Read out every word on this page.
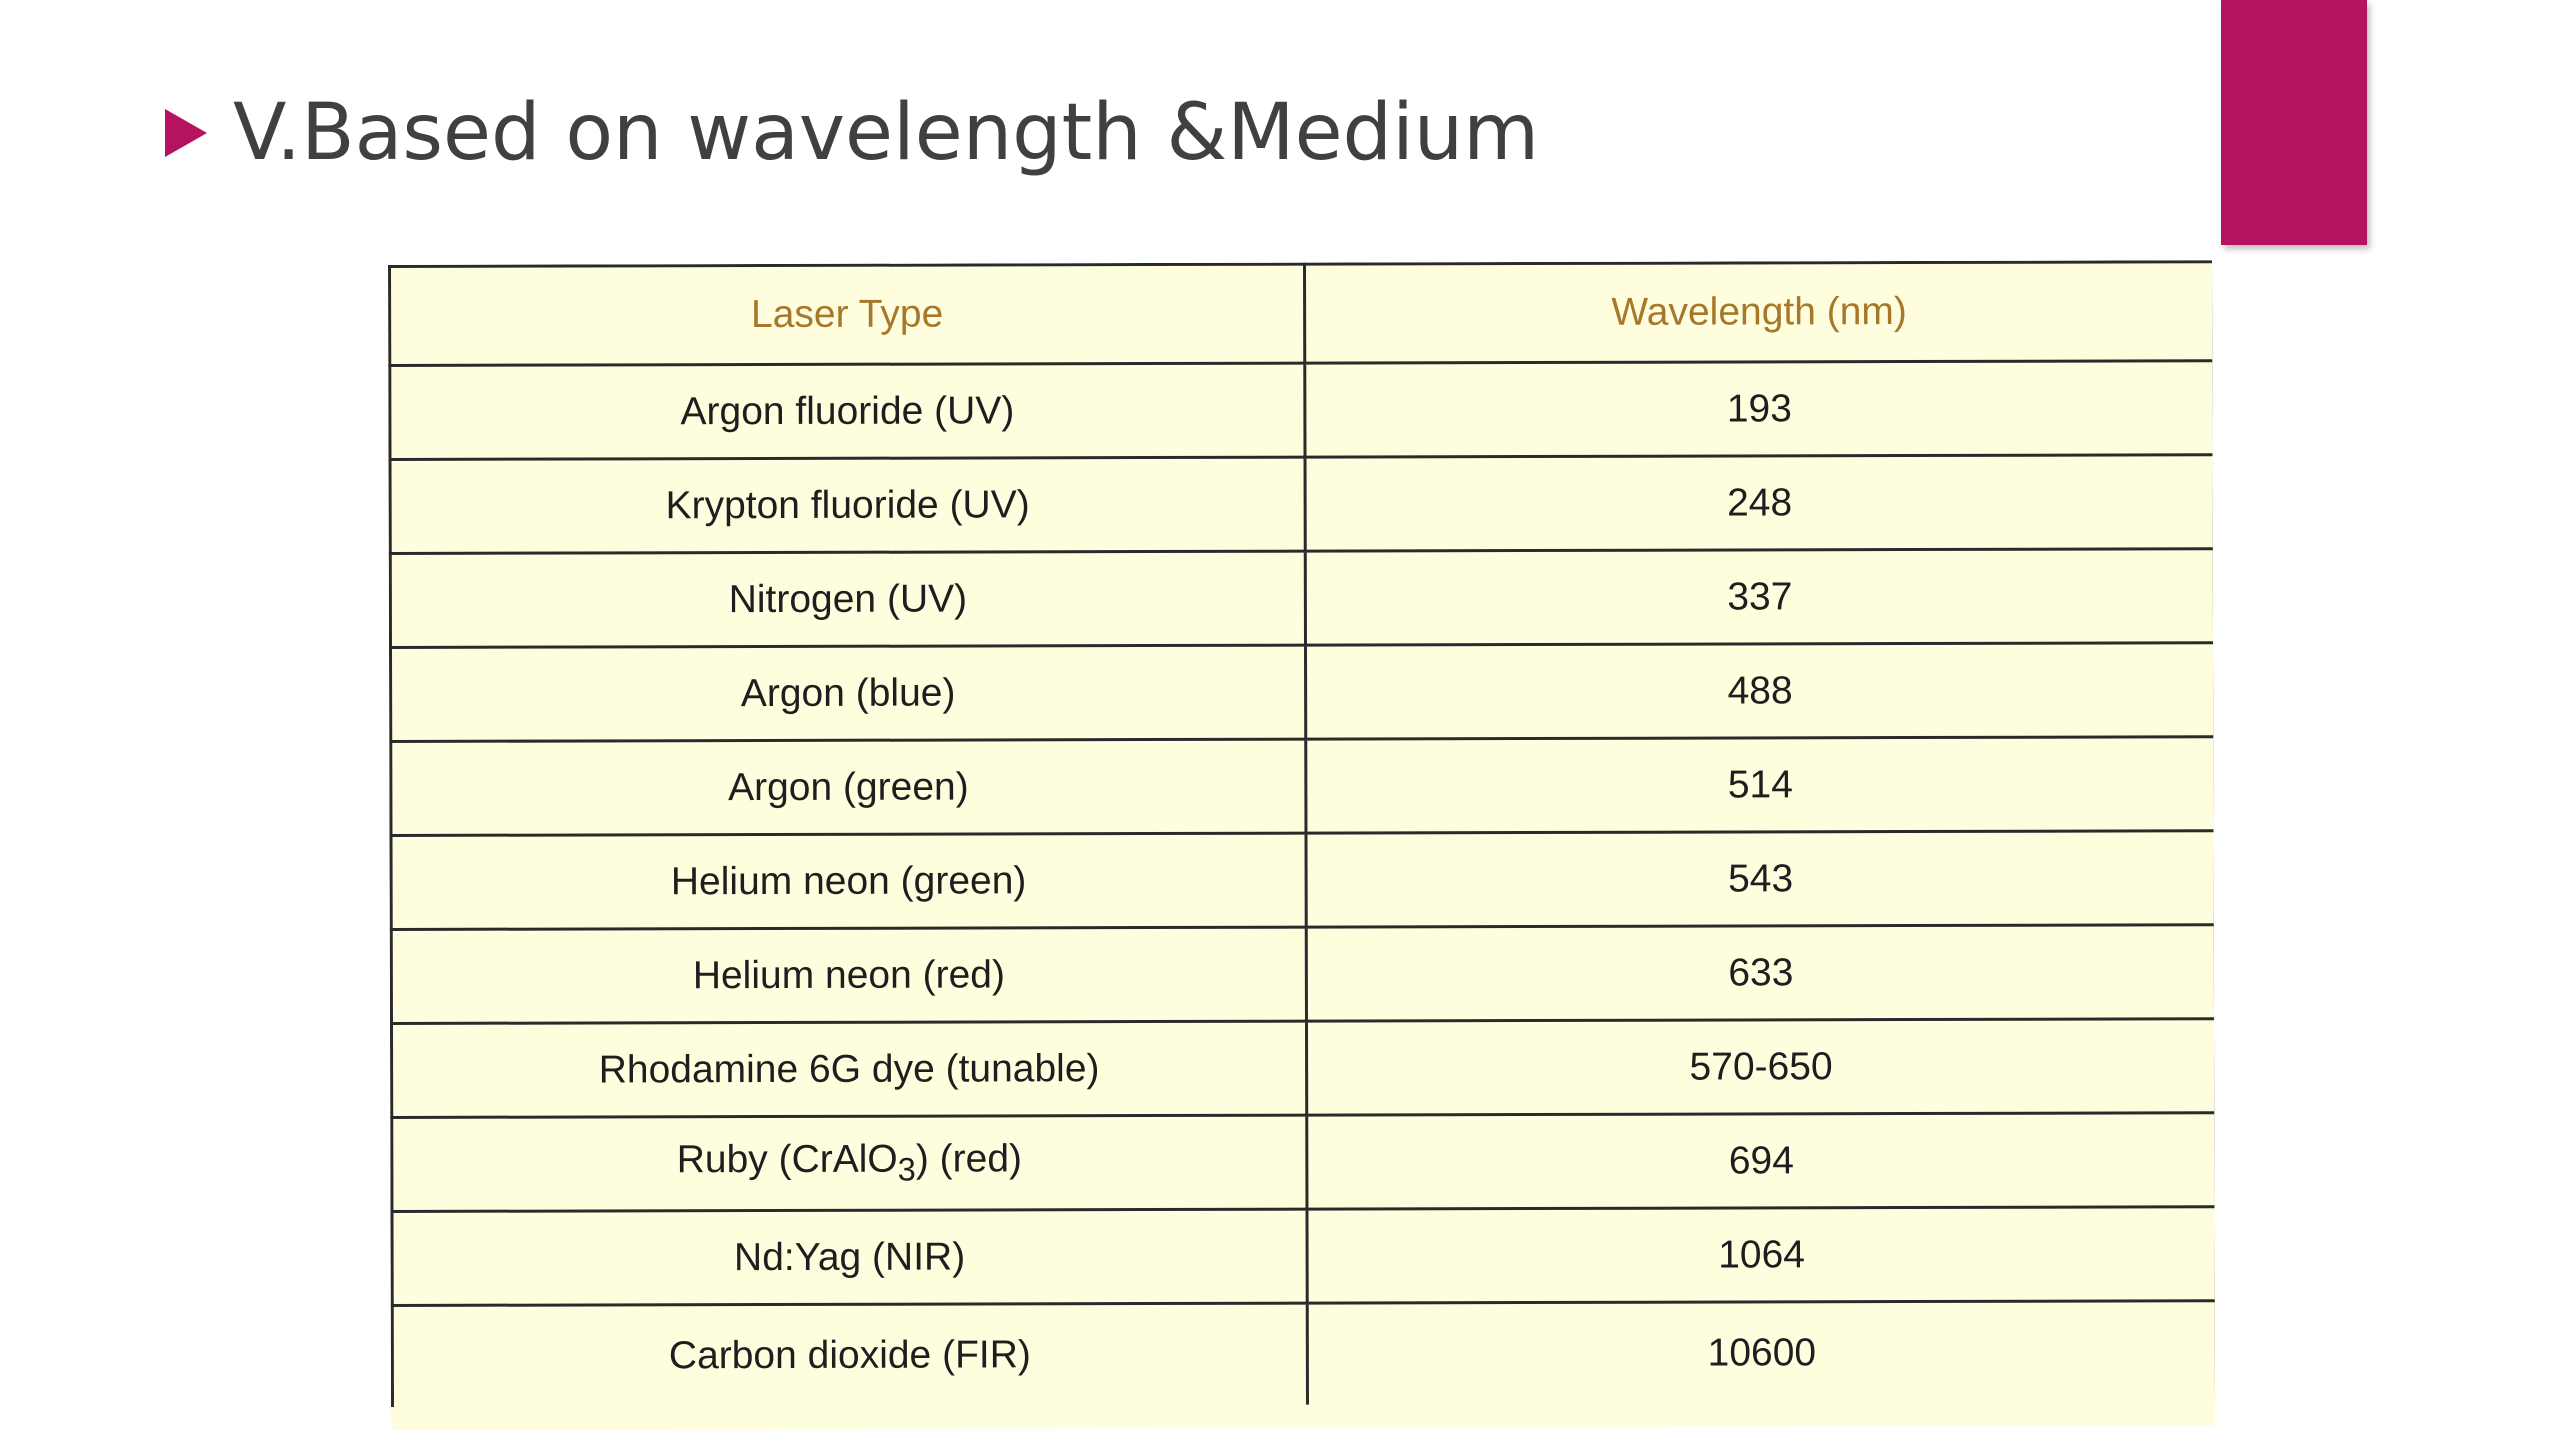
V.Based on wavelength &Medium
Laser Type	Wavelength (nm)
Argon fluoride (UV)	193
Krypton fluoride (UV)	248
Nitrogen (UV)	337
Argon (blue)	488
Argon (green)	514
Helium neon (green)	543
Helium neon (red)	633
Rhodamine 6G dye (tunable)	570-650
Ruby (CrAlO$_3$) (red)	694
Nd:Yag (NIR)	1064
Carbon dioxide (FIR)	10600
